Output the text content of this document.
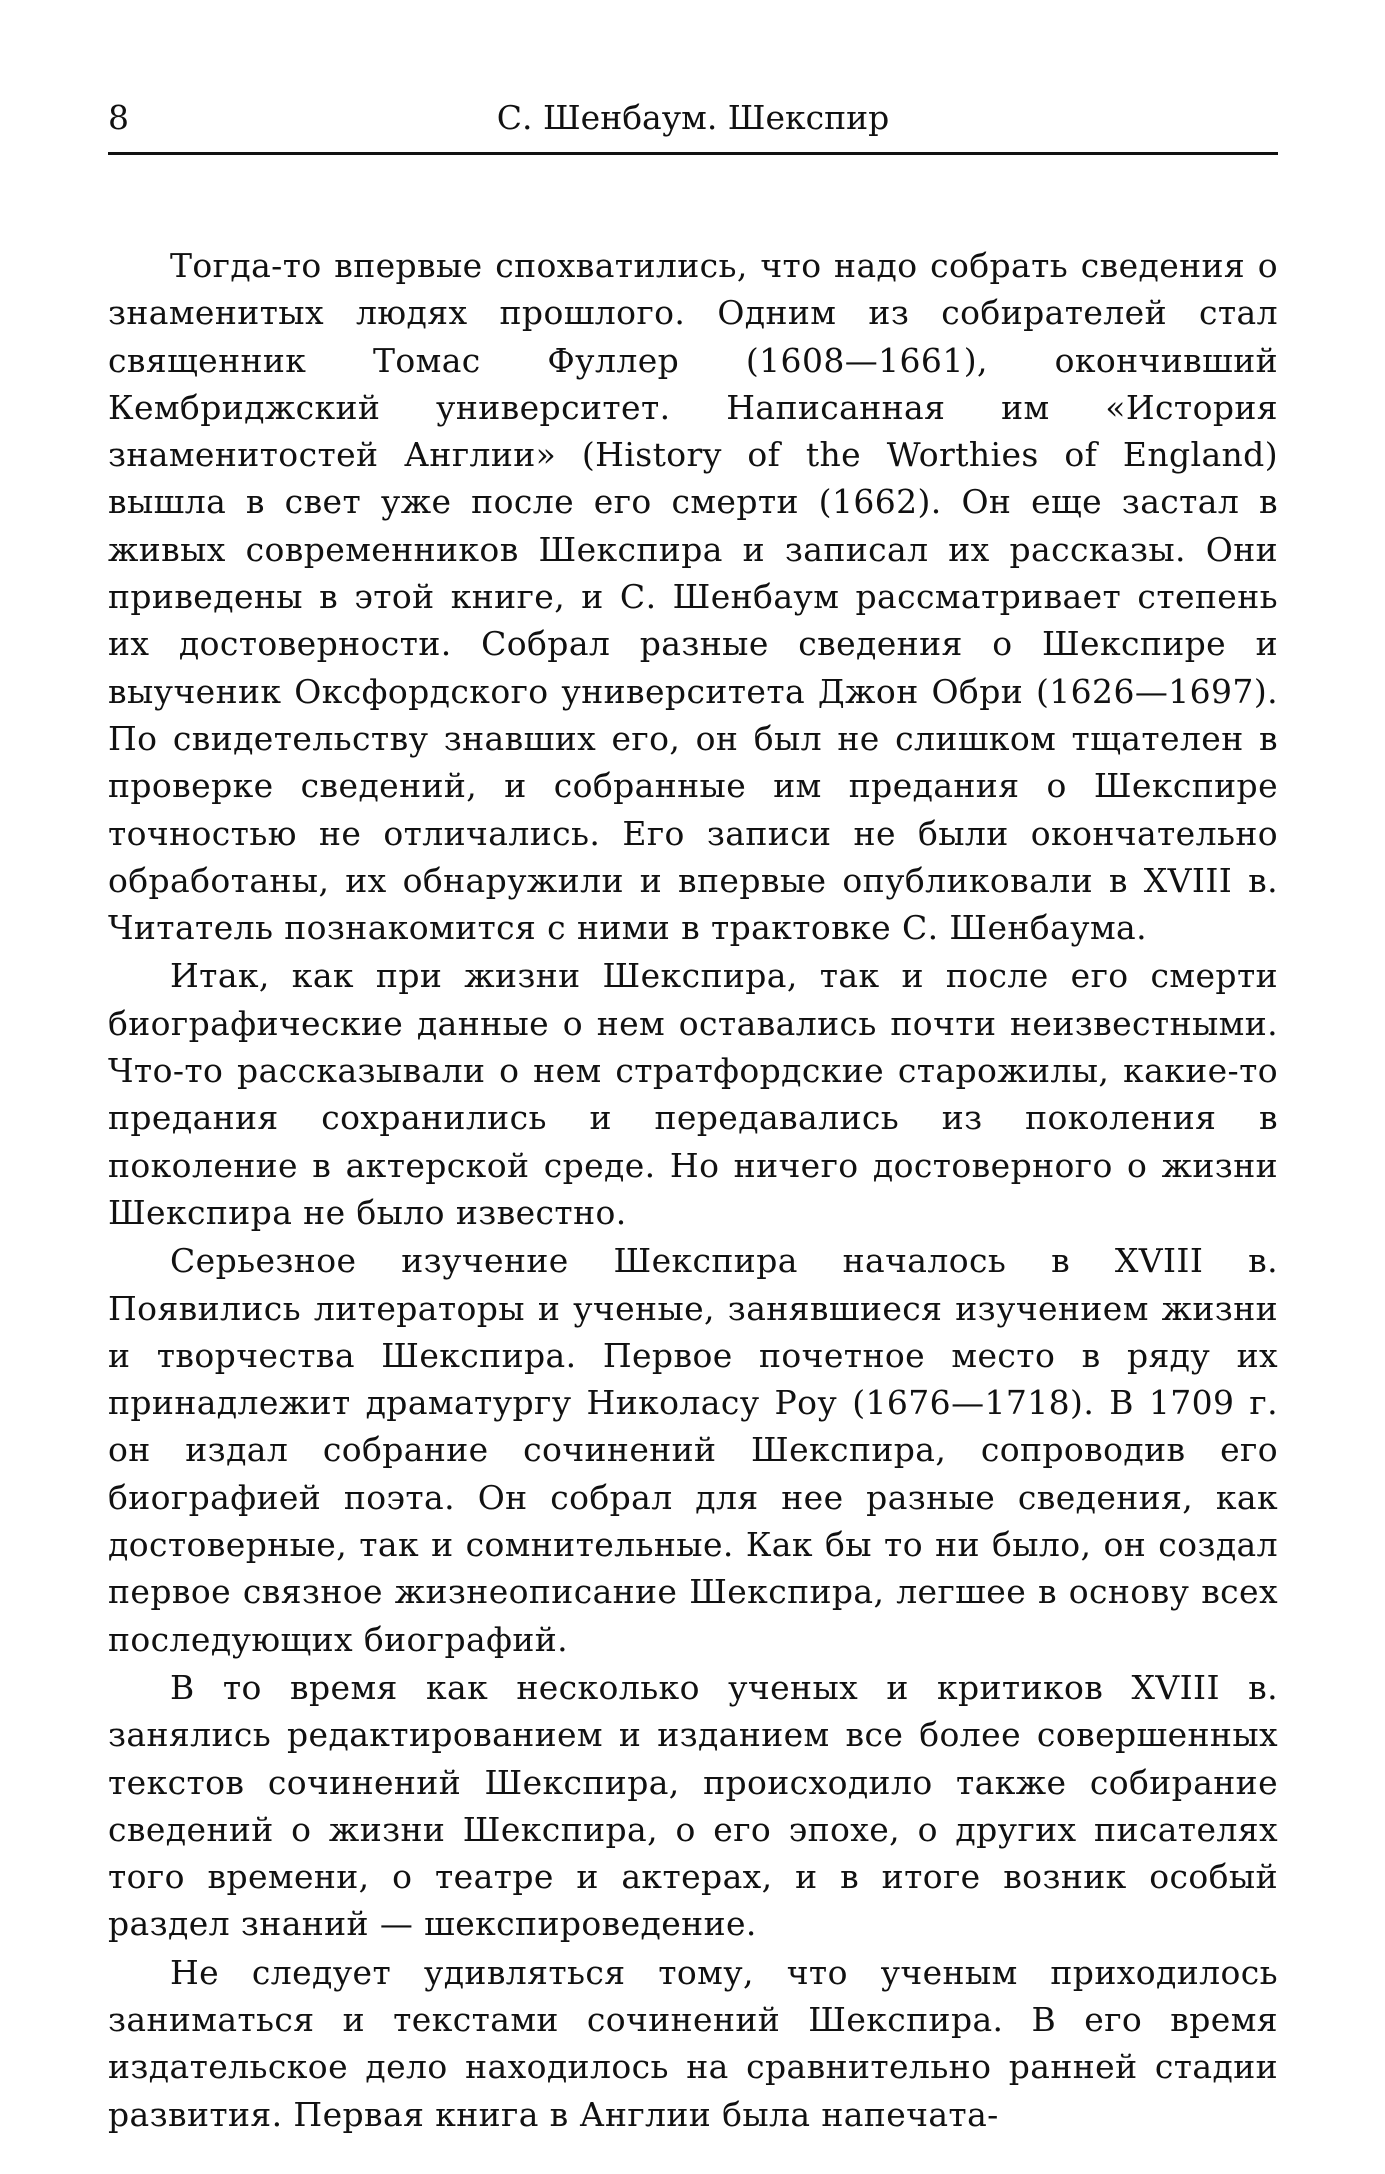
8	С. Шенбаум. Шекспир

Тогда-то впервые спохватились, что надо собрать сведения о знаменитых людях прошлого. Одним из собирателей стал священник Томас Фуллер (1608—1661), окончивший Кембриджский университет. Написанная им «История знаменитостей Англии» (History of the Worthies of England) вышла в свет уже после его смерти (1662). Он еще застал в живых современников Шекспира и записал их рассказы. Они приведены в этой книге, и С. Шенбаум рассматривает степень их достоверности. Собрал разные сведения о Шекспире и выученик Оксфордского университета Джон Обри (1626—1697). По свидетельству знавших его, он был не слишком тщателен в проверке сведений, и собранные им предания о Шекспире точностью не отличались. Его записи не были окончательно обработаны, их обнаружили и впервые опубликовали в XVIII в. Читатель познакомится с ними в трактовке С. Шенбаума.

Итак, как при жизни Шекспира, так и после его смерти биографические данные о нем оставались почти неизвестными. Что-то рассказывали о нем стратфордские старожилы, какие-то предания сохранились и передавались из поколения в поколение в актерской среде. Но ничего достоверного о жизни Шекспира не было известно.

Серьезное изучение Шекспира началось в XVIII в. Появились литераторы и ученые, занявшиеся изучением жизни и творчества Шекспира. Первое почетное место в ряду их принадлежит драматургу Николасу Роу (1676—1718). В 1709 г. он издал собрание сочинений Шекспира, сопроводив его биографией поэта. Он собрал для нее разные сведения, как достоверные, так и сомнительные. Как бы то ни было, он создал первое связное жизнеописание Шекспира, легшее в основу всех последующих биографий.

В то время как несколько ученых и критиков XVIII в. занялись редактированием и изданием все более совершенных текстов сочинений Шекспира, происходило также собирание сведений о жизни Шекспира, о его эпохе, о других писателях того времени, о театре и актерах, и в итоге возник особый раздел знаний — шекспироведение.

Не следует удивляться тому, что ученым приходилось заниматься и текстами сочинений Шекспира. В его время издательское дело находилось на сравнительно ранней стадии развития. Первая книга в Англии была напечата-
